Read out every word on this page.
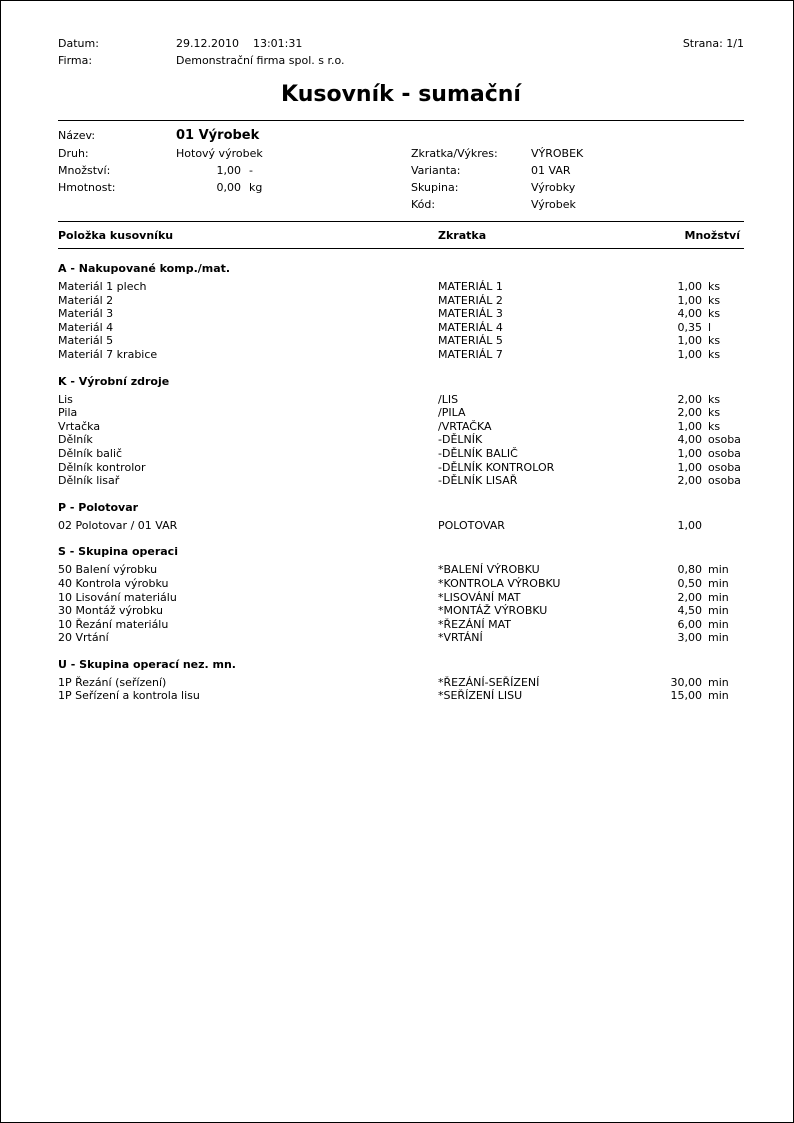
Datum:	29.12.2010    13:01:31
Firma:	Demonstrační firma spol. s r.o.
Strana: 1/1
Kusovník - sumační
Název:	01 Výrobek
Druh:	Hotový výrobek	Zkratka/Výkres:	VÝROBEK
Množství:	1,00 -	Varianta:	01 VAR
Hmotnost:	0,00 kg	Skupina:	Výrobky
Kód:	Výrobek
Položka kusovníku	Zkratka	Množství
A - Nakupované komp./mat.
Materiál 1 plech	MATERIÁL 1	1,00 ks
Materiál 2	MATERIÁL 2	1,00 ks
Materiál 3	MATERIÁL 3	4,00 ks
Materiál 4	MATERIÁL 4	0,35 l
Materiál 5	MATERIÁL 5	1,00 ks
Materiál 7 krabice	MATERIÁL 7	1,00 ks
K - Výrobní zdroje
Lis	/LIS	2,00 ks
Pila	/PILA	2,00 ks
Vrtačka	/VRTAČKA	1,00 ks
Dělník	-DĚLNÍK	4,00 osoba
Dělník balič	-DĚLNÍK BALIČ	1,00 osoba
Dělník kontrolor	-DĚLNÍK KONTROLOR	1,00 osoba
Dělník lisař	-DĚLNÍK LISAŘ	2,00 osoba
P - Polotovar
02 Polotovar / 01 VAR	POLOTOVAR	1,00
S - Skupina operaci
50 Balení výrobku	*BALENÍ VÝROBKU	0,80 min
40 Kontrola výrobku	*KONTROLA VÝROBKU	0,50 min
10 Lisování materiálu	*LISOVÁNÍ MAT	2,00 min
30 Montáž výrobku	*MONTÁŽ VÝROBKU	4,50 min
10 Řezání materiálu	*ŘEZÁNÍ MAT	6,00 min
20 Vrtání	*VRTÁNÍ	3,00 min
U - Skupina operací nez. mn.
1P Řezání (seřízení)	*ŘEZÁNÍ-SEŘÍZENÍ	30,00 min
1P Seřízení a kontrola lisu	*SEŘÍZENÍ LISU	15,00 min
